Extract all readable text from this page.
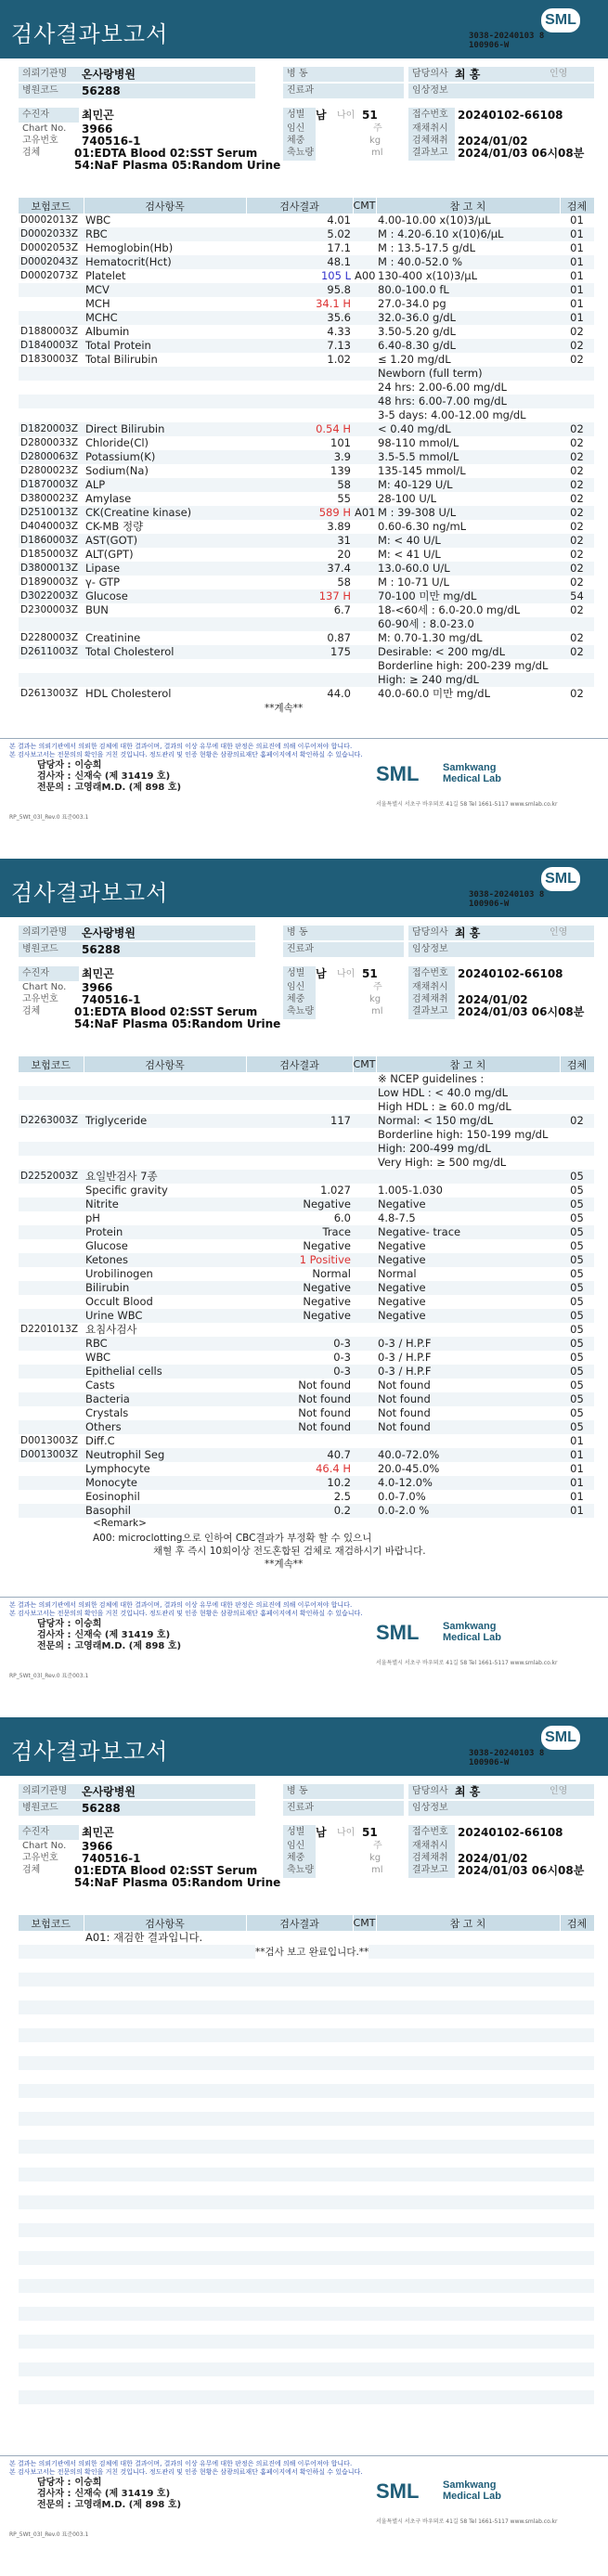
검사결과보고서
SML
3038-20240103 8
100906-W
의뢰기관명	온사랑병원
병원코드	56288
수진자	최민곤
Chart No.	3966
고유번호	740516-1
검체	01:EDTA Blood 02:SST Serum
54:NaF Plasma 05:Random Urine
병 동
진료과
성별 남 나이 51
임신	주
체중	kg
축뇨량	ml
담당의사 최 홍	인영
임상정보
접수번호 20240102-66108
재채취시
검체채취 2024/01/02
결과보고 2024/01/03 06시08분
보험코드	검사항목	검사결과	CMT	참 고 치	검체
D0002013Z	WBC	4.01		4.00-10.00 x(10)3/μL	01
D0002033Z	RBC	5.02		M : 4.20-6.10 x(10)6/μL	01
D0002053Z	Hemoglobin(Hb)	17.1		M : 13.5-17.5 g/dL	01
D0002043Z	Hematocrit(Hct)	48.1		M : 40.0-52.0 %	01
D0002073Z	Platelet	105 L	A00	130-400 x(10)3/μL	01
	MCV	95.8		80.0-100.0 fL	01
	MCH	34.1 H		27.0-34.0 pg	01
	MCHC	35.6		32.0-36.0 g/dL	01
D1880003Z	Albumin	4.33		3.50-5.20 g/dL	02
D1840003Z	Total Protein	7.13		6.40-8.30 g/dL	02
D1830003Z	Total Bilirubin	1.02		≤ 1.20 mg/dL	02
				Newborn (full term)	
				24 hrs: 2.00-6.00 mg/dL	
				48 hrs: 6.00-7.00 mg/dL	
				3-5 days: 4.00-12.00 mg/dL	
D1820003Z	Direct Bilirubin	0.54 H		< 0.40 mg/dL	02
D2800033Z	Chloride(Cl)	101		98-110 mmol/L	02
D2800063Z	Potassium(K)	3.9		3.5-5.5 mmol/L	02
D2800023Z	Sodium(Na)	139		135-145 mmol/L	02
D1870003Z	ALP	58		M: 40-129 U/L	02
D3800023Z	Amylase	55		28-100 U/L	02
D2510013Z	CK(Creatine kinase)	589 H	A01	M : 39-308 U/L	02
D4040003Z	CK-MB 정량	3.89		0.60-6.30 ng/mL	02
D1860003Z	AST(GOT)	31		M: < 40 U/L	02
D1850003Z	ALT(GPT)	20		M: < 41 U/L	02
D3800013Z	Lipase	37.4		13.0-60.0 U/L	02
D1890003Z	γ- GTP	58		M : 10-71 U/L	02
D3022003Z	Glucose	137 H		70-100 미만 mg/dL	54
D2300003Z	BUN	6.7		18-<60세 : 6.0-20.0 mg/dL	02
				60-90세 : 8.0-23.0	
D2280003Z	Creatinine	0.87		M: 0.70-1.30 mg/dL	02
D2611003Z	Total Cholesterol	175		Desirable: < 200 mg/dL	02
				Borderline high: 200-239 mg/dL	
				High: ≥ 240 mg/dL	
D2613003Z	HDL Cholesterol	44.0		40.0-60.0 미만 mg/dL	02
**계속**
본 결과는 의뢰기관에서 의뢰한 검체에 대한 결과이며, 결과의 이상 유무에 대한 판정은 의료진에 의해 이루어져야 합니다.
본 검사보고서는 전문의의 확인을 거친 것입니다. 정도관리 및 인증 현황은 삼광의료재단 홈페이지에서 확인하실 수 있습니다.
담당자 : 이승희
검사자 : 신재숙 (제 31419 호)
전문의 : 고영래M.D. (제 898 호)
SML Samkwang
Medical Lab
서울특별시 서초구 바우뫼로 41길 58 Tel 1661-5117 www.smlab.co.kr
RP_5Wt_03l_Rev.0 표준003.1
검사결과보고서
SML
3038-20240103 8
100906-W
의뢰기관명	온사랑병원
병원코드	56288
수진자	최민곤
Chart No.	3966
고유번호	740516-1
검체	01:EDTA Blood 02:SST Serum
54:NaF Plasma 05:Random Urine
병 동
진료과
성별 남 나이 51
임신	주
체중	kg
축뇨량	ml
담당의사 최 홍	인영
임상정보
접수번호 20240102-66108
재채취시
검체채취 2024/01/02
결과보고 2024/01/03 06시08분
보험코드	검사항목	검사결과	CMT	참 고 치	검체
				※ NCEP guidelines :	
				Low HDL : < 40.0 mg/dL	
				High HDL : ≥ 60.0 mg/dL	
D2263003Z	Triglyceride	117		Normal: < 150 mg/dL	02
				Borderline high: 150-199 mg/dL	
				High: 200-499 mg/dL	
				Very High: ≥ 500 mg/dL	
D2252003Z	요일반검사 7종				05
	Specific gravity	1.027		1.005-1.030	05
	Nitrite	Negative		Negative	05
	pH	6.0		4.8-7.5	05
	Protein	Trace		Negative- trace	05
	Glucose	Negative		Negative	05
	Ketones	1 Positive		Negative	05
	Urobilinogen	Normal		Normal	05
	Bilirubin	Negative		Negative	05
	Occult Blood	Negative		Negative	05
	Urine WBC	Negative		Negative	05
D2201013Z	요침사검사				05
	RBC	0-3		0-3 / H.P.F	05
	WBC	0-3		0-3 / H.P.F	05
	Epithelial cells	0-3		0-3 / H.P.F	05
	Casts	Not found		Not found	05
	Bacteria	Not found		Not found	05
	Crystals	Not found		Not found	05
	Others	Not found		Not found	05
D0013003Z	Diff.C				01
D0013003Z	Neutrophil Seg	40.7		40.0-72.0%	01
	Lymphocyte	46.4 H		20.0-45.0%	01
	Monocyte	10.2		4.0-12.0%	01
	Eosinophil	2.5		0.0-7.0%	01
	Basophil	0.2		0.0-2.0 %	01
<Remark>
A00: microclotting으로 인하여 CBC결과가 부정확 할 수 있으니
채혈 후 즉시 10회이상 전도혼합된 검체로 재검하시기 바랍니다.
**계속**
본 결과는 의뢰기관에서 의뢰한 검체에 대한 결과이며, 결과의 이상 유무에 대한 판정은 의료진에 의해 이루어져야 합니다.
본 검사보고서는 전문의의 확인을 거친 것입니다. 정도관리 및 인증 현황은 삼광의료재단 홈페이지에서 확인하실 수 있습니다.
담당자 : 이승희
검사자 : 신재숙 (제 31419 호)
전문의 : 고영래M.D. (제 898 호)
SML Samkwang
Medical Lab
서울특별시 서초구 바우뫼로 41길 58 Tel 1661-5117 www.smlab.co.kr
RP_5Wt_03l_Rev.0 표준003.1
검사결과보고서
SML
3038-20240103 8
100906-W
의뢰기관명	온사랑병원
병원코드	56288
수진자	최민곤
Chart No.	3966
고유번호	740516-1
검체	01:EDTA Blood 02:SST Serum
54:NaF Plasma 05:Random Urine
병 동
진료과
성별 남 나이 51
임신	주
체중	kg
축뇨량	ml
담당의사 최 홍	인영
임상정보
접수번호 20240102-66108
재채취시
검체채취 2024/01/02
결과보고 2024/01/03 06시08분
보험코드	검사항목	검사결과	CMT	참 고 치	검체
	A01: 재검한 결과입니다.				

**검사 보고 완료입니다.**
본 결과는 의뢰기관에서 의뢰한 검체에 대한 결과이며, 결과의 이상 유무에 대한 판정은 의료진에 의해 이루어져야 합니다.
본 검사보고서는 전문의의 확인을 거친 것입니다. 정도관리 및 인증 현황은 삼광의료재단 홈페이지에서 확인하실 수 있습니다.
담당자 : 이승희
검사자 : 신재숙 (제 31419 호)
전문의 : 고영래M.D. (제 898 호)
SML Samkwang
Medical Lab
서울특별시 서초구 바우뫼로 41길 58 Tel 1661-5117 www.smlab.co.kr
RP_5Wt_03l_Rev.0 표준003.1
